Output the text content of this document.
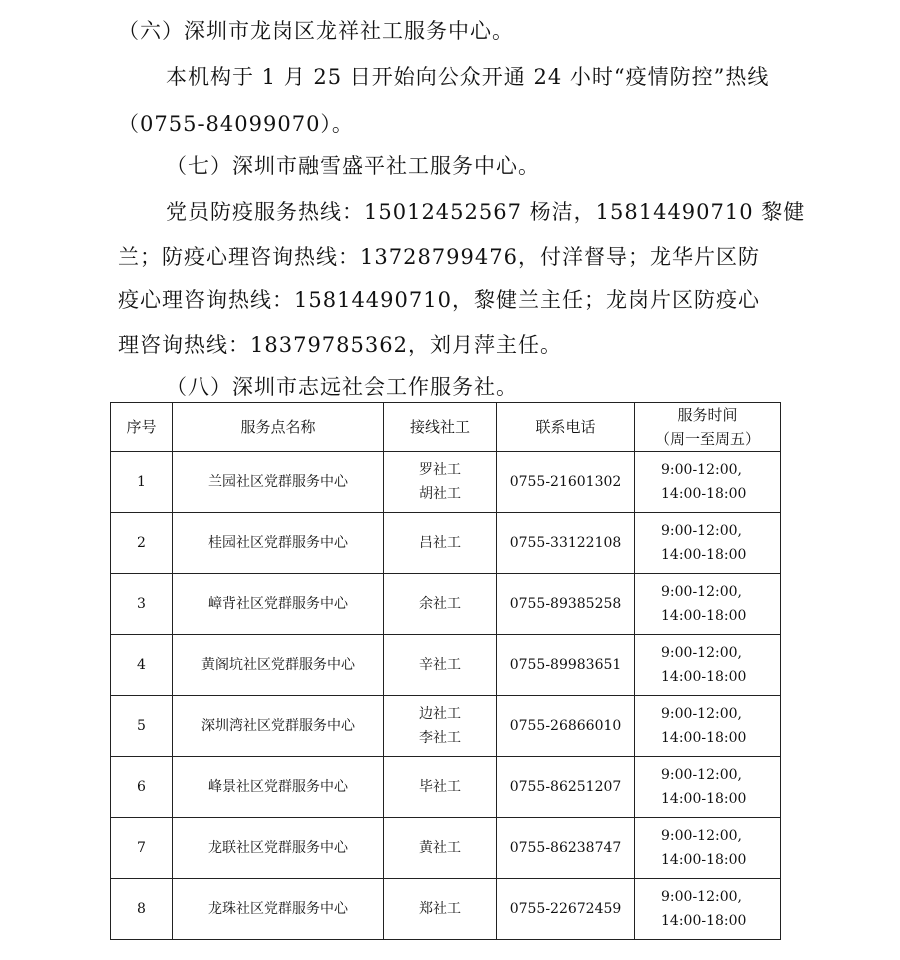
（六）深圳市龙岗区龙祥社工服务中心。

本机构于 1 月 25 日开始向公众开通 24 小时“疫情防控”热线

（0755-84099070）。

（七）深圳市融雪盛平社工服务中心。

党员防疫服务热线：15012452567 杨洁，15814490710 黎健

兰；防疫心理咨询热线：13728799476，付洋督导；龙华片区防

疫心理咨询热线：15814490710，黎健兰主任；龙岗片区防疫心

理咨询热线：18379785362，刘月萍主任。

（八）深圳市志远社会工作服务社。

序号	服务点名称	接线社工	联系电话	服务时间
（周一至周五）

1	兰园社区党群服务中心	罗社工
胡社工	0755-21601302	9:00-12:00,
14:00-18:00

2	桂园社区党群服务中心	吕社工	0755-33122108	9:00-12:00,
14:00-18:00

3	嶂背社区党群服务中心	余社工	0755-89385258	9:00-12:00,
14:00-18:00

4	黄阁坑社区党群服务中心	辛社工	0755-89983651	9:00-12:00,
14:00-18:00

5	深圳湾社区党群服务中心	边社工
李社工	0755-26866010	9:00-12:00,
14:00-18:00

6	峰景社区党群服务中心	毕社工	0755-86251207	9:00-12:00,
14:00-18:00

7	龙联社区党群服务中心	黄社工	0755-86238747	9:00-12:00,
14:00-18:00

8	龙珠社区党群服务中心	郑社工	0755-22672459	9:00-12:00,
14:00-18:00
